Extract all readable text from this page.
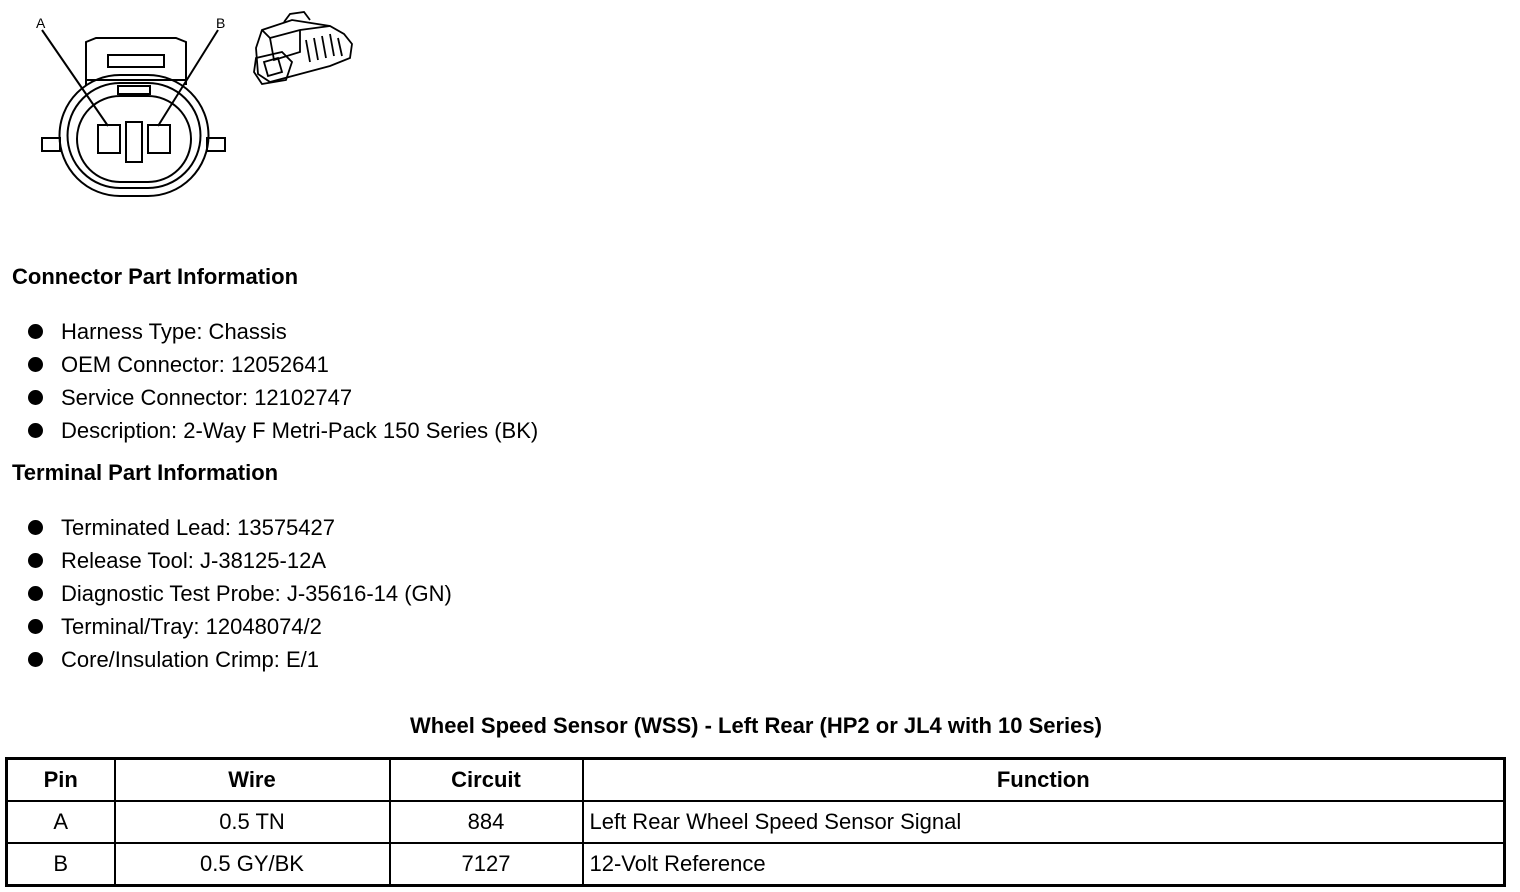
A	B
Connector Part Information
Harness Type: Chassis
OEM Connector: 12052641
Service Connector: 12102747
Description: 2-Way F Metri-Pack 150 Series (BK)
Terminal Part Information
Terminated Lead: 13575427
Release Tool: J-38125-12A
Diagnostic Test Probe: J-35616-14 (GN)
Terminal/Tray: 12048074/2
Core/Insulation Crimp: E/1
Wheel Speed Sensor (WSS) - Left Rear (HP2 or JL4 with 10 Series)
Pin	Wire	Circuit	Function
A	0.5 TN	884	Left Rear Wheel Speed Sensor Signal
B	0.5 GY/BK	7127	12-Volt Reference
